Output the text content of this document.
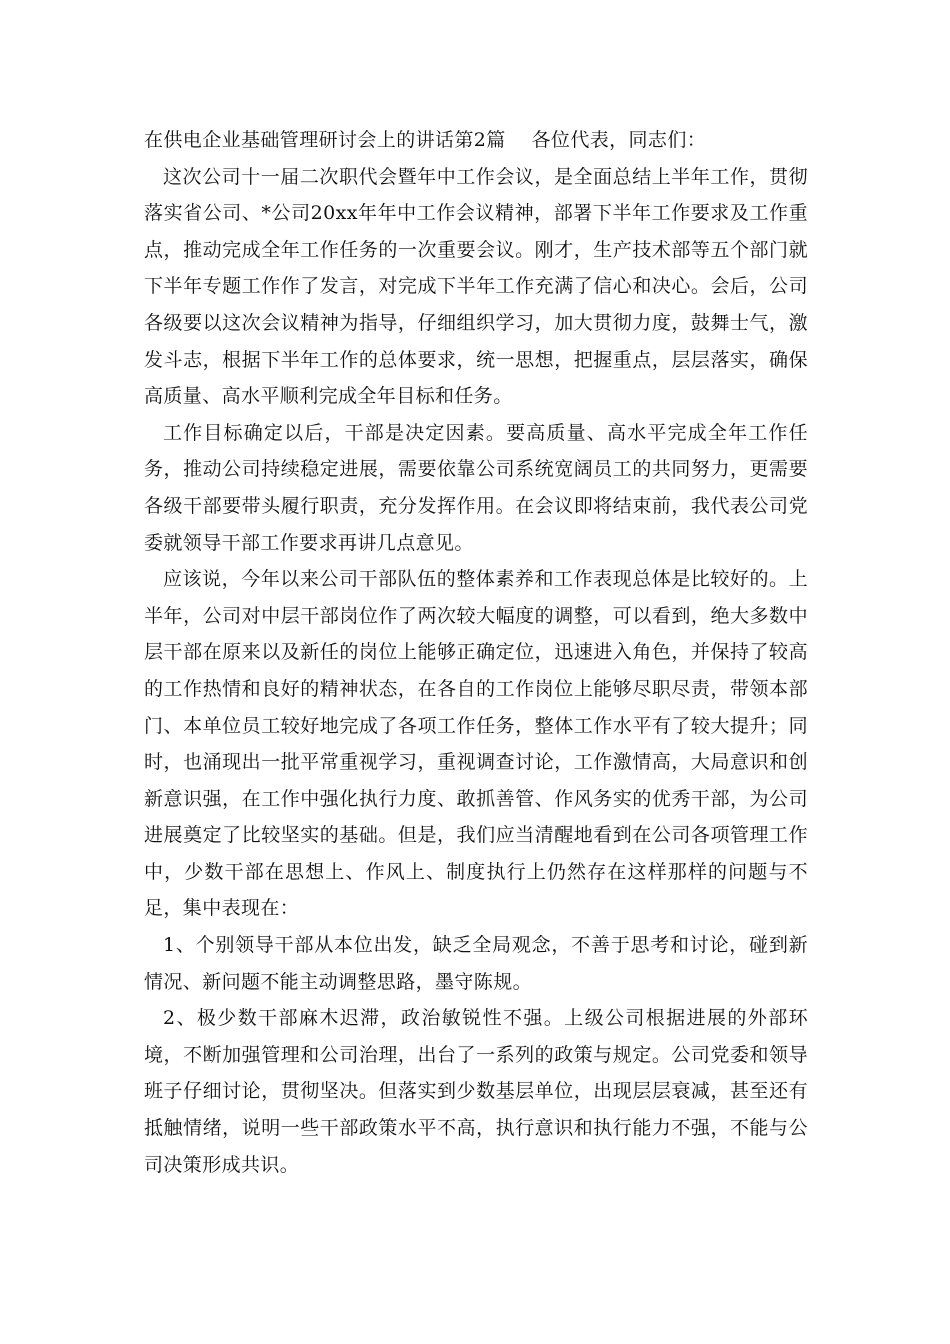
在供电企业基础管理研讨会上的讲话第2篇　 各位代表，同志们：

这次公司十一届二次职代会暨年中工作会议，是全面总结上半年工作，贯彻落实省公司、*公司20xx年年中工作会议精神，部署下半年工作要求及工作重点，推动完成全年工作任务的一次重要会议。刚才，生产技术部等五个部门就下半年专题工作作了发言，对完成下半年工作充满了信心和决心。会后，公司各级要以这次会议精神为指导，仔细组织学习，加大贯彻力度，鼓舞士气，激发斗志，根据下半年工作的总体要求，统一思想，把握重点，层层落实，确保高质量、高水平顺利完成全年目标和任务。

工作目标确定以后，干部是决定因素。要高质量、高水平完成全年工作任务，推动公司持续稳定进展，需要依靠公司系统宽阔员工的共同努力，更需要各级干部要带头履行职责，充分发挥作用。在会议即将结束前，我代表公司党委就领导干部工作要求再讲几点意见。

应该说，今年以来公司干部队伍的整体素养和工作表现总体是比较好的。上半年，公司对中层干部岗位作了两次较大幅度的调整，可以看到，绝大多数中层干部在原来以及新任的岗位上能够正确定位，迅速进入角色，并保持了较高的工作热情和良好的精神状态，在各自的工作岗位上能够尽职尽责，带领本部门、本单位员工较好地完成了各项工作任务，整体工作水平有了较大提升；同时，也涌现出一批平常重视学习，重视调查讨论，工作激情高，大局意识和创新意识强，在工作中强化执行力度、敢抓善管、作风务实的优秀干部，为公司进展奠定了比较坚实的基础。但是，我们应当清醒地看到在公司各项管理工作中，少数干部在思想上、作风上、制度执行上仍然存在这样那样的问题与不足，集中表现在：

1、个别领导干部从本位出发，缺乏全局观念，不善于思考和讨论，碰到新情况、新问题不能主动调整思路，墨守陈规。

2、极少数干部麻木迟滞，政治敏锐性不强。上级公司根据进展的外部环境，不断加强管理和公司治理，出台了一系列的政策与规定。公司党委和领导班子仔细讨论，贯彻坚决。但落实到少数基层单位，出现层层衰减，甚至还有抵触情绪，说明一些干部政策水平不高，执行意识和执行能力不强，不能与公司决策形成共识。
